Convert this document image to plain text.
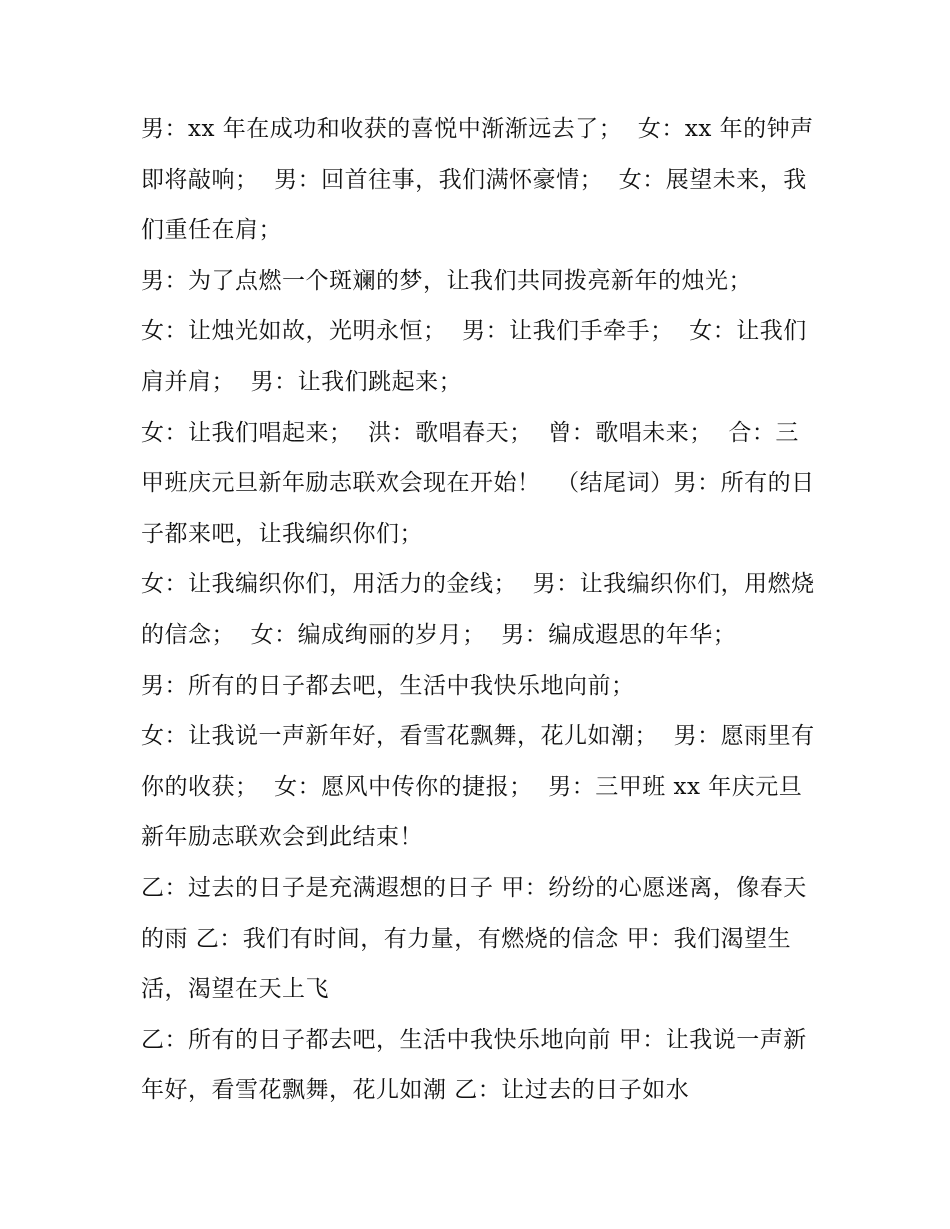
男：xx 年在成功和收获的喜悦中渐渐远去了；  女：xx 年的钟声即将敲响；  男：回首往事，我们满怀豪情；  女：展望未来，我们重任在肩；

男：为了点燃一个斑斓的梦，让我们共同拨亮新年的烛光；

女：让烛光如故，光明永恒；  男：让我们手牵手；  女：让我们肩并肩；  男：让我们跳起来；

女：让我们唱起来；  洪：歌唱春天；  曾：歌唱未来；  合：三甲班庆元旦新年励志联欢会现在开始！  （结尾词）男：所有的日子都来吧，让我编织你们；

女：让我编织你们，用活力的金线；  男：让我编织你们，用燃烧的信念；  女：编成绚丽的岁月；  男：编成遐思的年华；

男：所有的日子都去吧，生活中我快乐地向前；

女：让我说一声新年好，看雪花飘舞，花儿如潮；  男：愿雨里有你的收获；  女：愿风中传你的捷报；  男：三甲班 xx 年庆元旦新年励志联欢会到此结束！

乙：过去的日子是充满遐想的日子 甲：纷纷的心愿迷离，像春天的雨 乙：我们有时间，有力量，有燃烧的信念 甲：我们渴望生活，渴望在天上飞

乙：所有的日子都去吧，生活中我快乐地向前 甲：让我说一声新年好，看雪花飘舞，花儿如潮 乙：让过去的日子如水
